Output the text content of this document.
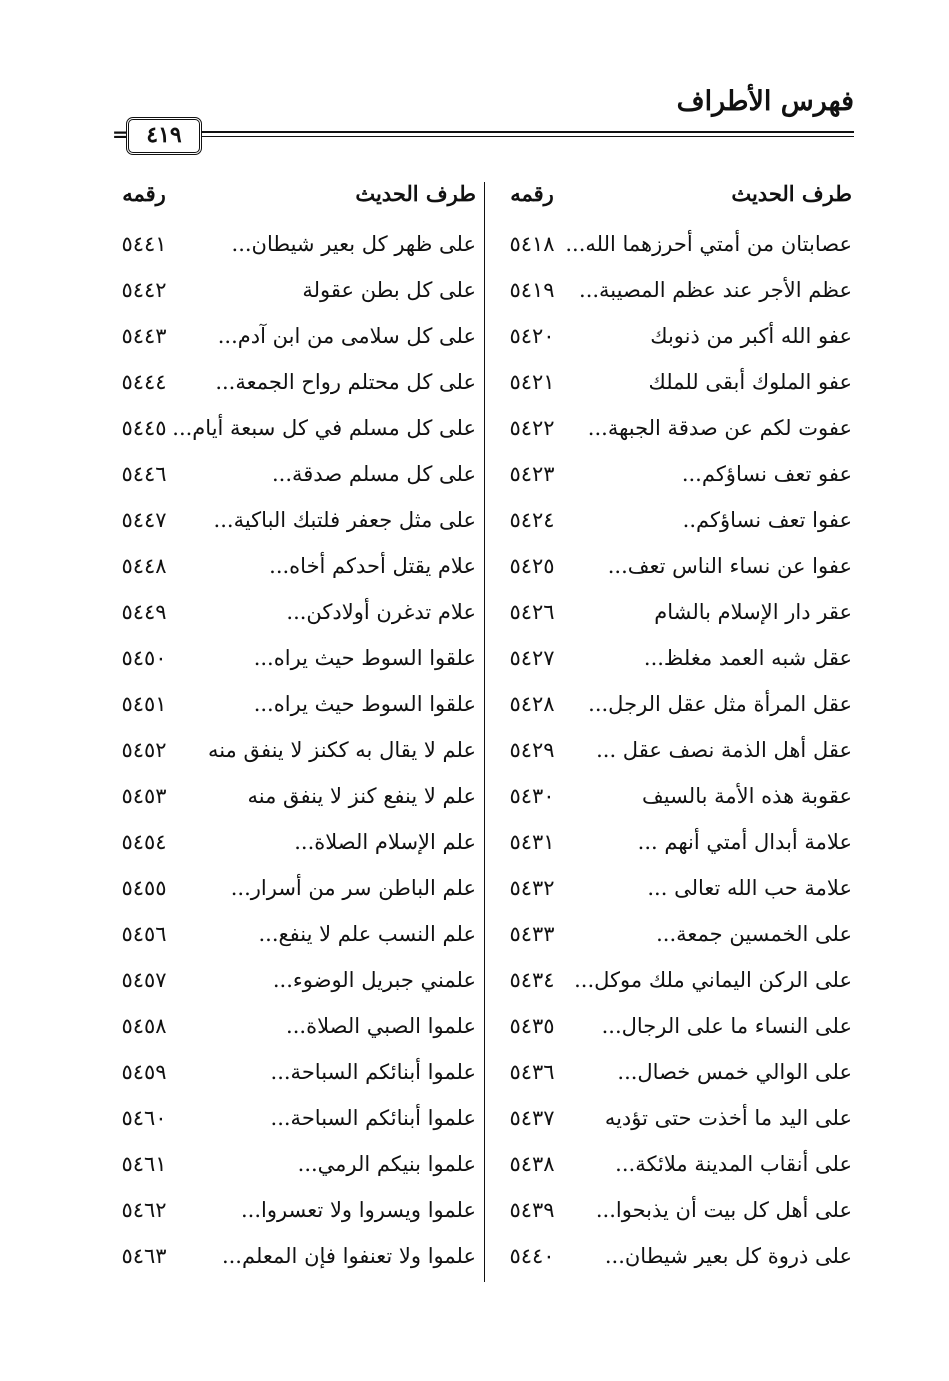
فهرس الأطراف
٤١٩
=
طرف الحديث
رقمه
عصابتان من أمتي أحرزهما الله...
٥٤١٨
عظم الأجر عند عظم المصيبة...
٥٤١٩
عفو الله أكبر من ذنوبك
٥٤٢٠
عفو الملوك أبقى للملك
٥٤٢١
عفوت لكم عن صدقة الجبهة...
٥٤٢٢
عفو تعف نساؤكم...
٥٤٢٣
عفوا تعف نساؤكم..
٥٤٢٤
عفوا عن نساء الناس تعف...
٥٤٢٥
عقر دار الإسلام بالشام
٥٤٢٦
عقل شبه العمد مغلظ...
٥٤٢٧
عقل المرأة مثل عقل الرجل...
٥٤٢٨
عقل أهل الذمة نصف عقل ...
٥٤٢٩
عقوبة هذه الأمة بالسيف
٥٤٣٠
علامة أبدال أمتي أنهم ...
٥٤٣١
علامة حب الله تعالى ...
٥٤٣٢
على الخمسين جمعة...
٥٤٣٣
على الركن اليماني ملك موكل...
٥٤٣٤
على النساء ما على الرجال...
٥٤٣٥
على الوالي خمس خصال...
٥٤٣٦
على اليد ما أخذت حتى تؤديه
٥٤٣٧
على أنقاب المدينة ملائكة...
٥٤٣٨
على أهل كل بيت أن يذبحوا...
٥٤٣٩
على ذروة كل بعير شيطان...
٥٤٤٠
طرف الحديث
رقمه
على ظهر كل بعير شيطان...
٥٤٤١
على كل بطن عقولة
٥٤٤٢
على كل سلامى من ابن آدم...
٥٤٤٣
على كل محتلم رواح الجمعة...
٥٤٤٤
على كل مسلم في كل سبعة أيام...
٥٤٤٥
على كل مسلم صدقة...
٥٤٤٦
على مثل جعفر فلتبك الباكية...
٥٤٤٧
علام يقتل أحدكم أخاه...
٥٤٤٨
علام تدغرن أولادكن...
٥٤٤٩
علقوا السوط حيث يراه...
٥٤٥٠
علقوا السوط حيث يراه...
٥٤٥١
علم لا يقال به ككنز لا ينفق منه
٥٤٥٢
علم لا ينفع كنز لا ينفق منه
٥٤٥٣
علم الإسلام الصلاة...
٥٤٥٤
علم الباطن سر من أسرار...
٥٤٥٥
علم النسب علم لا ينفع...
٥٤٥٦
علمني جبريل الوضوء...
٥٤٥٧
علموا الصبي الصلاة...
٥٤٥٨
علموا أبنائكم السباحة...
٥٤٥٩
علموا أبنائكم السباحة...
٥٤٦٠
علموا بنيكم الرمي...
٥٤٦١
علموا ويسروا ولا تعسروا...
٥٤٦٢
علموا ولا تعنفوا فإن المعلم...
٥٤٦٣
